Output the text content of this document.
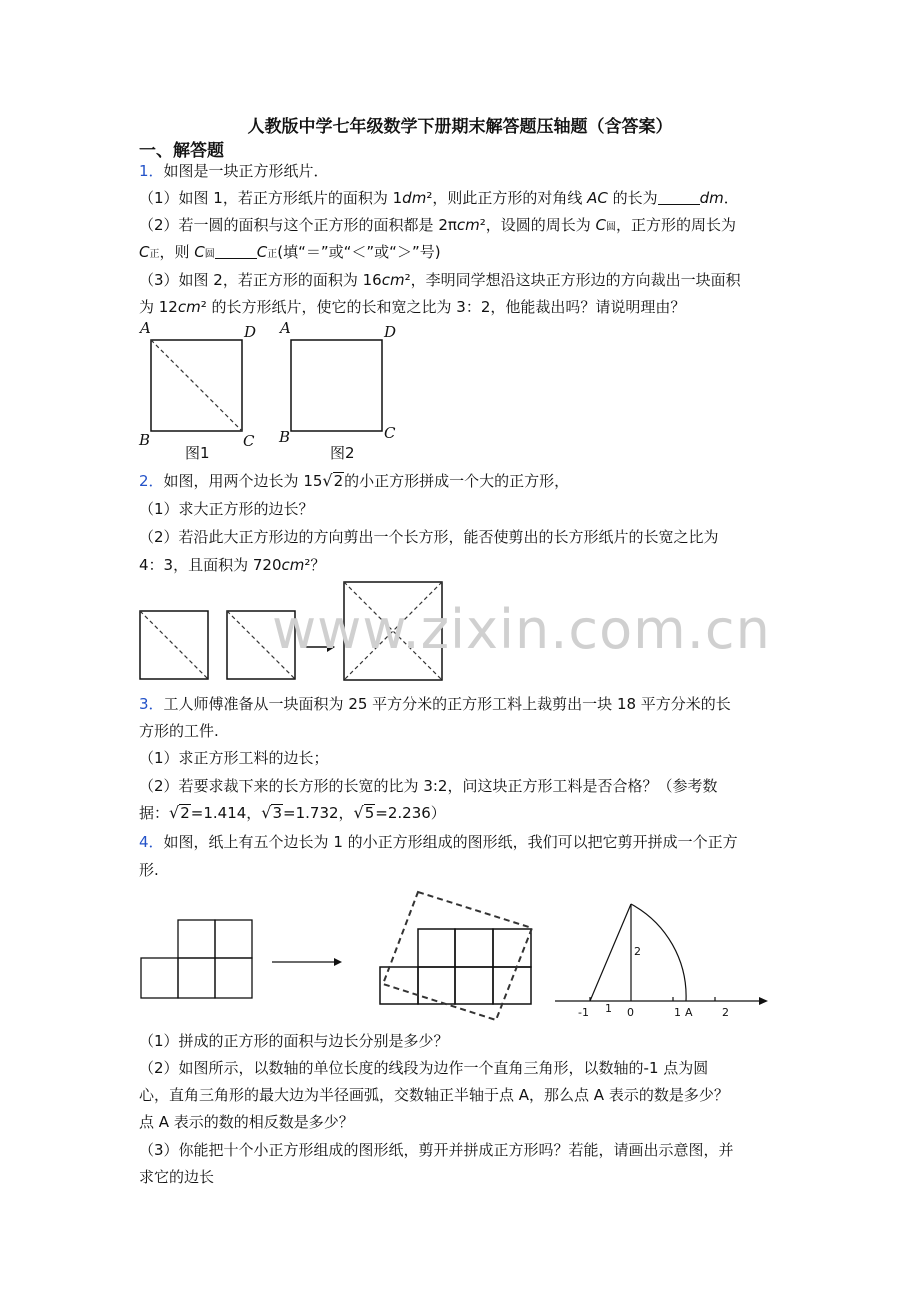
人教版中学七年级数学下册期末解答题压轴题（含答案）
一、解答题
1．如图是一块正方形纸片．
（1）如图 1，若正方形纸片的面积为 1dm²，则此正方形的对角线 AC 的长为	dm．
（2）若一圆的面积与这个正方形的面积都是 2πcm²，设圆的周长为 C圆，正方形的周长为
C正，则 C圆	C正(填“＝”或“＜”或“＞”号)
（3）如图 2，若正方形的面积为 16cm²，李明同学想沿这块正方形边的方向裁出一块面积
为 12cm² 的长方形纸片，使它的长和宽之比为 3：2，他能裁出吗？请说明理由？
A	D
B	C
图1
A	D
B	C
图2
2．如图，用两个边长为 15√2的小正方形拼成一个大的正方形，
（1）求大正方形的边长？
（2）若沿此大正方形边的方向剪出一个长方形，能否使剪出的长方形纸片的长宽之比为
4：3，且面积为 720cm²？
www.zixin.com.cn
3．工人师傅准备从一块面积为 25 平方分米的正方形工料上裁剪出一块 18 平方分米的长
方形的工件.
（1）求正方形工料的边长；
（2）若要求裁下来的长方形的长宽的比为 3:2，问这块正方形工料是否合格？（参考数
据：√2=1.414，√3=1.732，√5=2.236）
4．如图，纸上有五个边长为 1 的小正方形组成的图形纸，我们可以把它剪开拼成一个正方
形.
-1 1 0	1 A	2
2
（1）拼成的正方形的面积与边长分别是多少？
（2）如图所示，以数轴的单位长度的线段为边作一个直角三角形，以数轴的-1 点为圆
心，直角三角形的最大边为半径画弧，交数轴正半轴于点 A，那么点 A 表示的数是多少？
点 A 表示的数的相反数是多少？
（3）你能把十个小正方形组成的图形纸，剪开并拼成正方形吗？若能，请画出示意图，并
求它的边长
